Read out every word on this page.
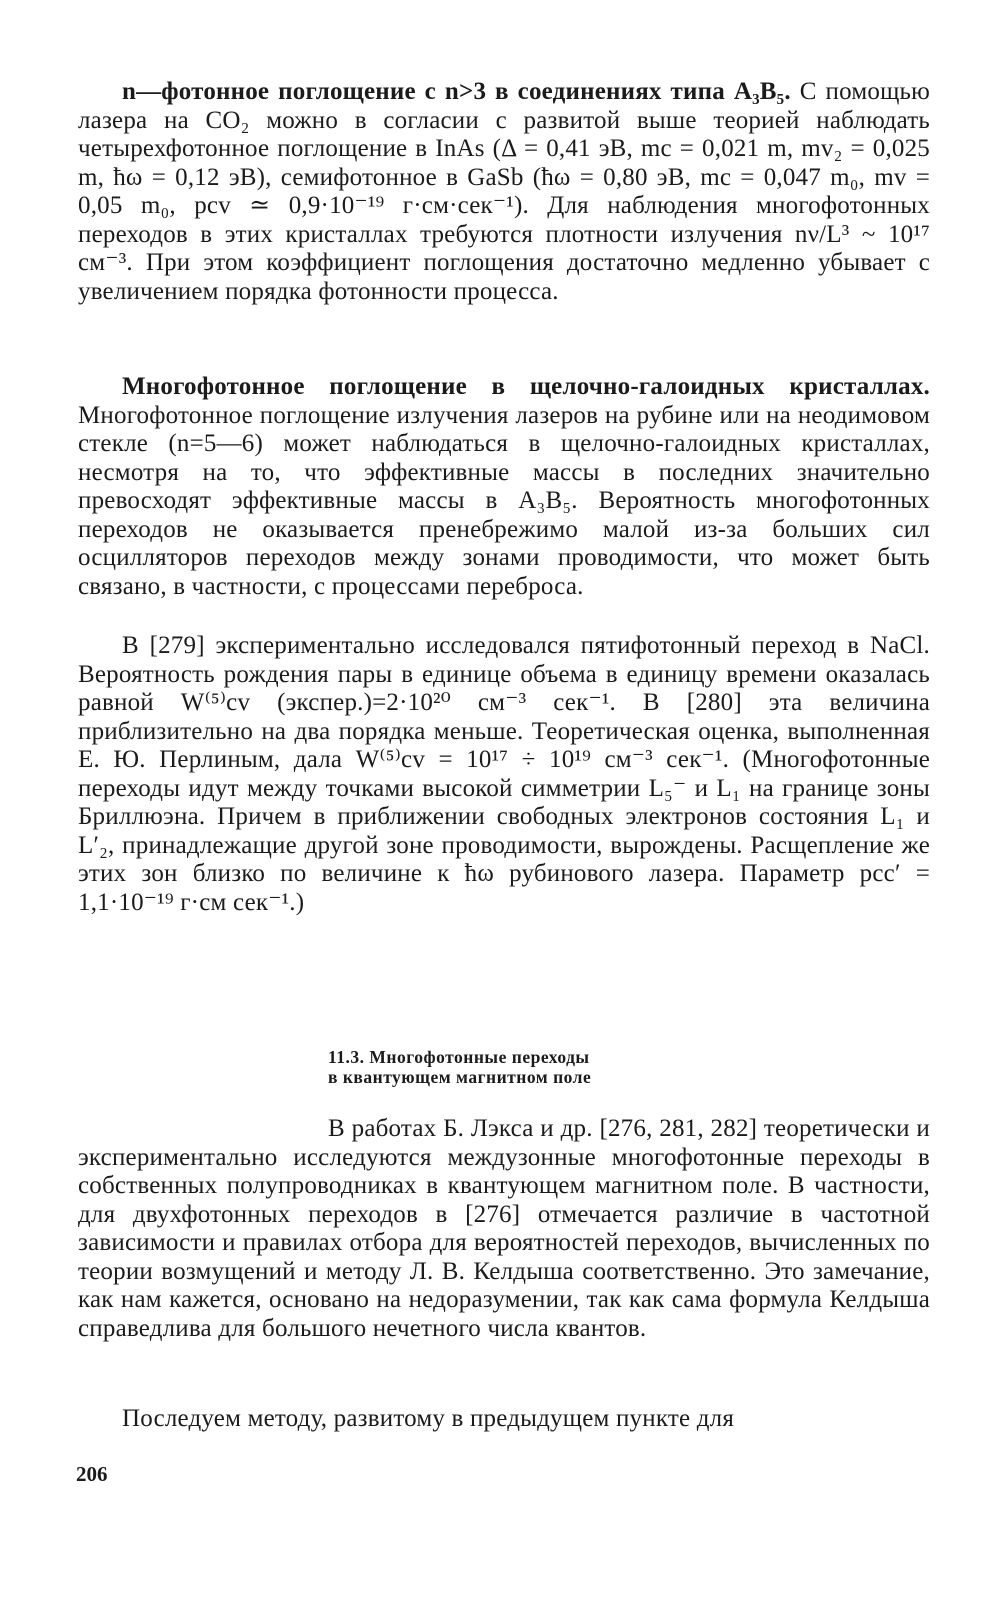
n—фотонное поглощение с n>3 в соединениях типа A₃B₅. С помощью лазера на CO₂ можно в согласии с развитой выше теорией наблюдать четырехфотонное поглощение в InAs (Δ = 0,41 эВ, mc = 0,021 m, mv₂ = 0,025 m, ħω = 0,12 эВ), семифотонное в GaSb (ħω = 0,80 эВ, mc = 0,047 m₀, mv = 0,05 m₀, pcv ≃ 0,9·10⁻¹⁹ г·см·сек⁻¹). Для наблюдения многофотонных переходов в этих кристаллах требуются плотности излучения nν/L³ ~ 10¹⁷ см⁻³. При этом коэффициент поглощения достаточно медленно убывает с увеличением порядка фотонности процесса.

Многофотонное поглощение в щелочно-галоидных кристаллах. Многофотонное поглощение излучения лазеров на рубине или на неодимовом стекле (n=5—6) может наблюдаться в щелочно-галоидных кристаллах, несмотря на то, что эффективные массы в последних значительно превосходят эффективные массы в A₃B₅. Вероятность многофотонных переходов не оказывается пренебрежимо малой из-за больших сил осцилляторов переходов между зонами проводимости, что может быть связано, в частности, с процессами переброса.

В [279] экспериментально исследовался пятифотонный переход в NaCl. Вероятность рождения пары в единице объема в единицу времени оказалась равной W⁽⁵⁾cv (экспер.)=2·10²⁰ см⁻³ сек⁻¹. В [280] эта величина приблизительно на два порядка меньше. Теоретическая оценка, выполненная Е. Ю. Перлиным, дала W⁽⁵⁾cv = 10¹⁷ ÷ 10¹⁹ см⁻³ сек⁻¹. (Многофотонные переходы идут между точками высокой симметрии L₅⁻ и L₁ на границе зоны Бриллюэна. Причем в приближении свободных электронов состояния L₁ и L′₂, принадлежащие другой зоне проводимости, вырождены. Расщепление же этих зон близко по величине к ħω рубинового лазера. Параметр pcc′ = 1,1·10⁻¹⁹ г·см сек⁻¹.)

11.3. Многофотонные переходы
в квантующем магнитном поле

В работах Б. Лэкса и др. [276, 281, 282] теоретически и экспериментально исследуются междузонные многофотонные переходы в собственных полупроводниках в квантующем магнитном поле. В частности, для двухфотонных переходов в [276] отмечается различие в частотной зависимости и правилах отбора для вероятностей переходов, вычисленных по теории возмущений и методу Л. В. Келдыша соответственно. Это замечание, как нам кажется, основано на недоразумении, так как сама формула Келдыша справедлива для большого нечетного числа квантов.

Последуем методу, развитому в предыдущем пункте для

206
